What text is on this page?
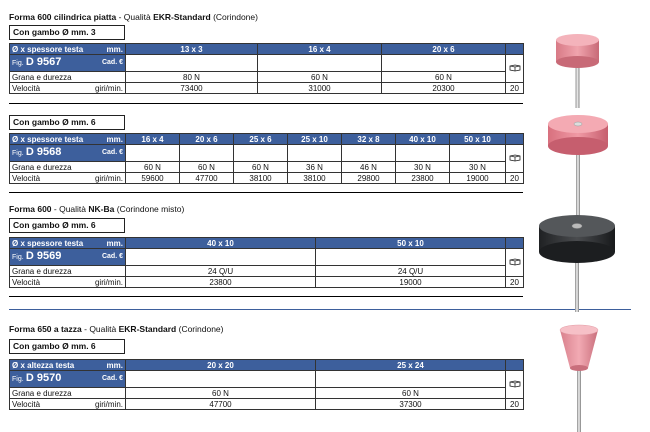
Forma 600 cilindrica piatta - Qualità EKR-Standard (Corindone)
Con gambo Ø mm. 3
Ø x spessore testa mm.	13 x 3	16 x 4	20 x 6	
Fig. D 9567 Cad. €

Grana e durezza	80 N	60 N	60 N	
Velocità giri/min.	73400	31000	20300	20
Con gambo Ø mm. 6
Ø x spessore testa mm.	16 x 4	20 x 6	25 x 6	25 x 10	32 x 8	40 x 10	50 x 10	
Fig. D 9568 Cad. €

Grana e durezza	60 N	60 N	60 N	36 N	46 N	30 N	30 N	
Velocità giri/min.	59600	47700	38100	38100	29800	23800	19000	20
Forma 600 - Qualità NK-Ba (Corindone misto)
Con gambo Ø mm. 6
Ø x spessore testa mm.	40 x 10	50 x 10	
Fig. D 9569 Cad. €

Grana e durezza	24 Q/U	24 Q/U	
Velocità giri/min.	23800	19000	20
Forma 650 a tazza - Qualità EKR-Standard (Corindone)
Con gambo Ø mm. 6
Ø x altezza testa mm.	20 x 20	25 x 24	
Fig. D 9570 Cad. €

Grana e durezza	60 N	60 N	
Velocità giri/min.	47700	37300	20
